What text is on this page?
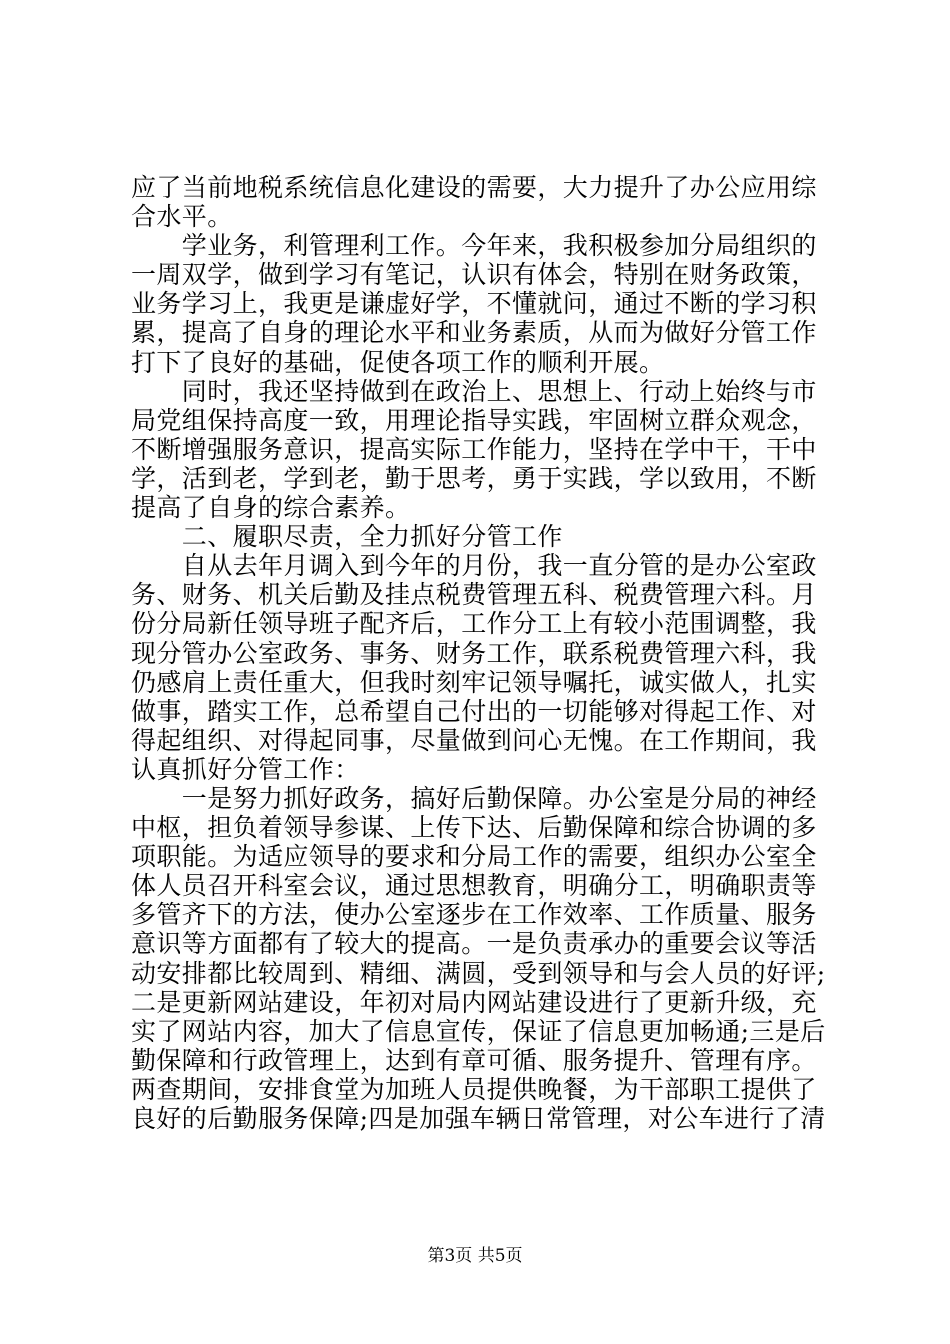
应了当前地税系统信息化建设的需要，大力提升了办公应用综
合水平。
　　学业务，利管理利工作。今年来，我积极参加分局组织的
一周双学，做到学习有笔记，认识有体会，特别在财务政策，
业务学习上，我更是谦虚好学，不懂就问，通过不断的学习积
累，提高了自身的理论水平和业务素质，从而为做好分管工作
打下了良好的基础，促使各项工作的顺利开展。
　　同时，我还坚持做到在政治上、思想上、行动上始终与市
局党组保持高度一致，用理论指导实践，牢固树立群众观念，
不断增强服务意识，提高实际工作能力，坚持在学中干，干中
学，活到老，学到老，勤于思考，勇于实践，学以致用，不断
提高了自身的综合素养。
　　二、履职尽责，全力抓好分管工作
　　自从去年月调入到今年的月份，我一直分管的是办公室政
务、财务、机关后勤及挂点税费管理五科、税费管理六科。月
份分局新任领导班子配齐后，工作分工上有较小范围调整，我
现分管办公室政务、事务、财务工作，联系税费管理六科，我
仍感肩上责任重大，但我时刻牢记领导嘱托，诚实做人，扎实
做事，踏实工作，总希望自己付出的一切能够对得起工作、对
得起组织、对得起同事，尽量做到问心无愧。在工作期间，我
认真抓好分管工作：
　　一是努力抓好政务，搞好后勤保障。办公室是分局的神经
中枢，担负着领导参谋、上传下达、后勤保障和综合协调的多
项职能。为适应领导的要求和分局工作的需要，组织办公室全
体人员召开科室会议，通过思想教育，明确分工，明确职责等
多管齐下的方法，使办公室逐步在工作效率、工作质量、服务
意识等方面都有了较大的提高。一是负责承办的重要会议等活
动安排都比较周到、精细、满圆，受到领导和与会人员的好评;
二是更新网站建设，年初对局内网站建设进行了更新升级，充
实了网站内容，加大了信息宣传，保证了信息更加畅通;三是后
勤保障和行政管理上，达到有章可循、服务提升、管理有序。
两查期间，安排食堂为加班人员提供晚餐，为干部职工提供了
良好的后勤服务保障;四是加强车辆日常管理，对公车进行了清
第3页 共5页
